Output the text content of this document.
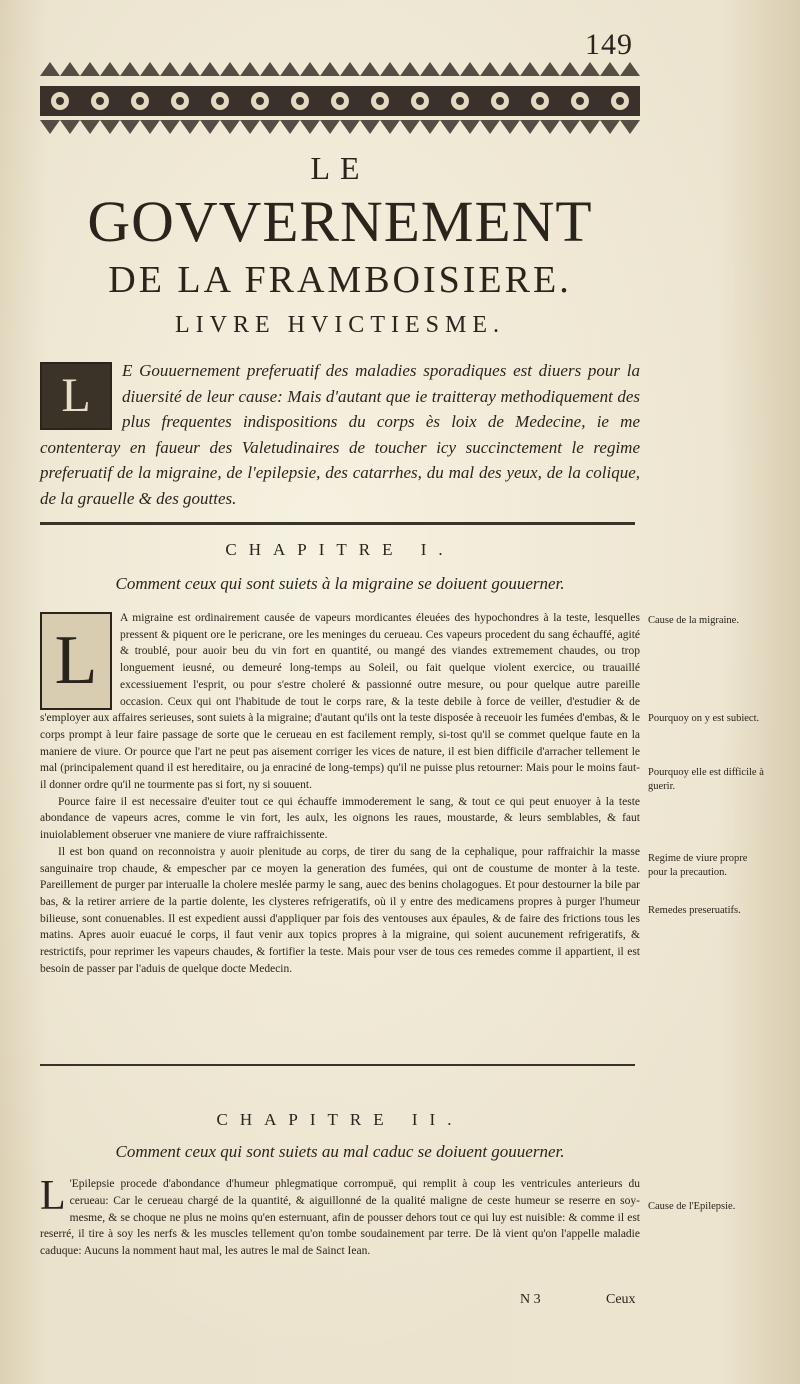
149
LE
GOVVERNEMENT
DE LA FRAMBOISIERE.
LIVRE HVICTIESME.
L	E Gouuernement preferuatif des maladies sporadiques est diuers pour la diuersité de leur cause: Mais d'autant que ie traitteray methodiquement des plus frequentes indispositions du corps ès loix de Medecine, ie me contenteray en faueur des Valetudinaires de toucher icy succinctement le regime preferuatif de la migraine, de l'epilepsie, des catarrhes, du mal des yeux, de la colique, de la grauelle & des gouttes.
CHAPITRE I.
Comment ceux qui sont suiets à la migraine se doiuent gouuerner.
L

A migraine est ordinairement causée de vapeurs mordicantes éleuées des hypochondres à la teste, lesquelles pressent & piquent ore le pericrane, ore les meninges du cerueau. Ces vapeurs procedent du sang échauffé, agité & troublé, pour auoir beu du vin fort en quantité, ou mangé des viandes extremement chaudes, ou trop longuement ieusné, ou demeuré long-temps au Soleil, ou fait quelque violent exercice, ou trauaillé excessiuement l'esprit, ou pour s'estre choleré & passionné outre mesure, ou pour quelque autre pareille occasion. Ceux qui ont l'habitude de tout le corps rare, & la teste debile à force de veiller, d'estudier & de s'employer aux affaires serieuses, sont suiets à la migraine; d'autant qu'ils ont la teste disposée à receuoir les fumées d'embas, & le corps prompt à leur faire passage de sorte que le cerueau en est facilement remply, si-tost qu'il se commet quelque faute en la maniere de viure. Or pource que l'art ne peut pas aisement corriger les vices de nature, il est bien difficile d'arracher tellement le mal (principalement quand il est hereditaire, ou ja enraciné de long-temps) qu'il ne puisse plus retourner: Mais pour le moins faut-il donner ordre qu'il ne tourmente pas si fort, ny si souuent.

Pource faire il est necessaire d'euiter tout ce qui échauffe immoderement le sang, & tout ce qui peut enuoyer à la teste abondance de vapeurs acres, comme le vin fort, les aulx, les oignons les raues, moustarde, & leurs semblables, & faut inuiolablement obseruer vne maniere de viure raffraichissente.

Il est bon quand on reconnoistra y auoir plenitude au corps, de tirer du sang de la cephalique, pour raffraichir la masse sanguinaire trop chaude, & empescher par ce moyen la generation des fumées, qui ont de coustume de monter à la teste. Pareillement de purger par interualle la cholere meslée parmy le sang, auec des benins cholagogues. Et pour destourner la bile par bas, & la retirer arriere de la partie dolente, les clysteres refrigeratifs, où il y entre des medicamens propres à purger l'humeur bilieuse, sont conuenables. Il est expedient aussi d'appliquer par fois des ventouses aux épaules, & de faire des frictions tous les matins. Apres auoir euacué le corps, il faut venir aux topics propres à la migraine, qui soient aucunement refrigeratifs, & restrictifs, pour reprimer les vapeurs chaudes, & fortifier la teste. Mais pour vser de tous ces remedes comme il appartient, il est besoin de passer par l'aduis de quelque docte Medecin.

Cause de la migraine.
Pourquoy on y est subiect.
Pourquoy elle est difficile à guerir.
Regime de viure propre pour la precaution.
Remedes preseruatifs.
Cause de l'Epilepsie.
CHAPITRE II.
Comment ceux qui sont suiets au mal caduc se doiuent gouuerner.
L 'Epilepsie procede d'abondance d'humeur phlegmatique corrompuë, qui remplit à coup les ventricules anterieurs du cerueau: Car le cerueau chargé de la quantité, & aiguillonné de la qualité maligne de ceste humeur se reserre en soy-mesme, & se choque ne plus ne moins qu'en esternuant, afin de pousser dehors tout ce qui luy est nuisible: & comme il est reserré, il tire à soy les nerfs & les muscles tellement qu'on tombe soudainement par terre. De là vient qu'on l'appelle maladie caduque: Aucuns la nomment haut mal, les autres le mal de Sainct Iean.
N 3	Ceux
